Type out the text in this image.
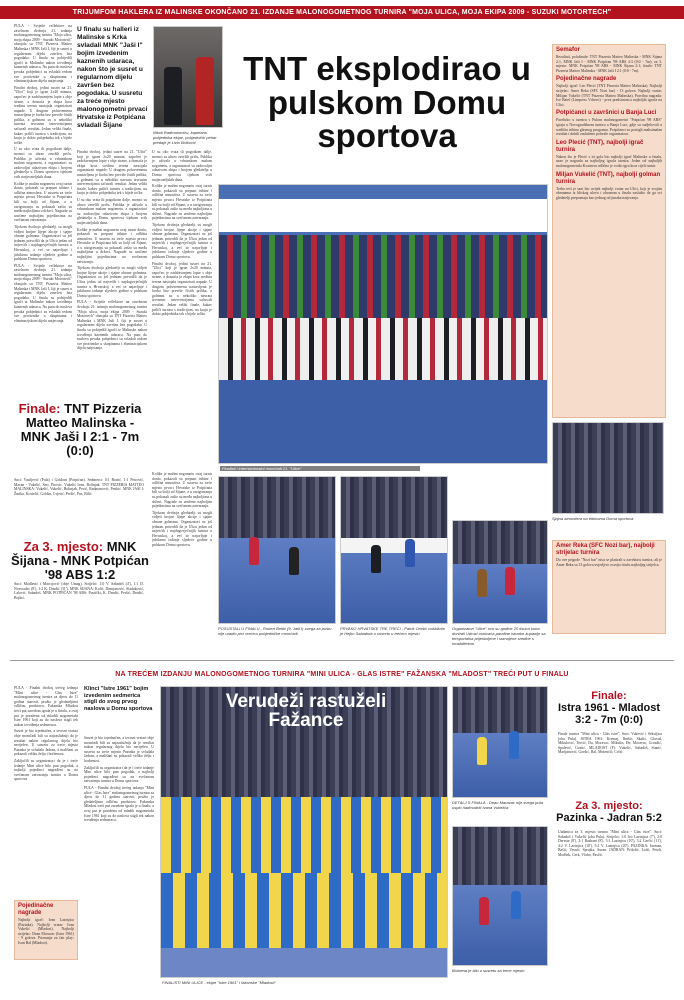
TRIJUMFOM HAKLERA IZ MALINSKE OKONČANO 21. IZDANJE MALONOGOMETNOG TURNIRA "MOJA ULICA, MOJA EKIPA 2009 - SUZUKI MOTORTECH"

PULA - Svijetle reflektore na završnom dvoboju 21. izdanja malonogometnog turnira "Moja ulica, moja ekipa 2009 - Suzuki Motortech" obasjala su TNT Pizzeria Matteo Malinska i MNK Jaši I, čiji je susret u regularnom dijelu završen bez pogodaka. U finalu su pobijedili igrači iz Malinske nakon izvođenja kaznenih udaraca. Na putu do naslova prvaka pobjednici su svladali redom sve protivnike u skupinama i eliminacijskom dijelu natjecanja.

Finalni dvoboj, jedini susret na 21. "Ulici" koji je igran 2x20 minuta, započeo je zadržavanjem lopte s obje strane, a domaća je ekipa kroz sredinu terena nastojala organizirati napade. U drugom poluvremenu nastavljena je borba bez previše čistih prilika, a golmani su u nekoliko navrata izvrsnim intervencijama sačuvali rezultat. Jedan veliki finale, kakav priliči turniru s tradicijom, na kraju je dobio pobjednika tek s bijele točke.

U su oko vrata ili pogotkom dalje, momci su ubrzo završili priču. Publika je uživala u vrhunskom malom nogometu, a organizatori su zadovoljni odazivom ekipa i brojem gledatelja u Domu sportova tijekom svih natjecateljskih dana.

Kolike je malim nogometu ovaj turnir donio, pokazali su prepuni tribine i odlična atmosfera. U susretu za treće mjesto prvaci Hrvatske iz Potpićana bili su bolji od Šijane, a u razigravanju su pokazali zašto su među najboljima u državi. Nagrade su uručene najboljim pojedincima na svečanom zatvaranju.

Tijekom dvoboja gledatelji su mogli vidjeti brojne lijepe akcije i sjajne obrane golmana. Organizatori su još jednom potvrdili da je Ulica jedan od najvećih i najdugovječnijih turnira u Hrvatskoj, a već se najavljuje i jubilarno izdanje sljedeće godine u pulskom Domu sportova.

PULA - Svijetle reflektore na završnom dvoboju 21. izdanja malonogometnog turnira "Moja ulica, moja ekipa 2009 - Suzuki Motortech" obasjala su TNT Pizzeria Matteo Malinska i MNK Jaši I, čiji je susret u regularnom dijelu završen bez pogodaka. U finalu su pobijedili igrači iz Malinske nakon izvođenja kaznenih udaraca. Na putu do naslova prvaka pobjednici su svladali redom sve protivnike u skupinama i eliminacijskom dijelu natjecanja.

U finalu su halleri iz Malinske s Krka svladali MNK "Jaši I" bojim izvedenim kaznenih udaraca, nakon što je susret u regularnom dijelu završen bez pogodaka. U susretu za treće mjesto malonogometni prvaci Hrvatske iz Potpićana svladali Šijane
Nikoli Radmanoviću, kapetanu pobjednika ekipe, pobjednički pehar predaje je Livio Bolković
TNT eksplodirao u pulskom Domu sportova

Finalni dvoboj, jedini susret na 21. "Ulici" koji je igran 2x20 minuta, započeo je zadržavanjem lopte s obje strane, a domaća je ekipa kroz sredinu terena nastojala organizirati napade. U drugom poluvremenu nastavljena je borba bez previše čistih prilika, a golmani su u nekoliko navrata izvrsnim intervencijama sačuvali rezultat. Jedan veliki finale, kakav priliči turniru s tradicijom, na kraju je dobio pobjednika tek s bijele točke.

U su oko vrata ili pogotkom dalje, momci su ubrzo završili priču. Publika je uživala u vrhunskom malom nogometu, a organizatori su zadovoljni odazivom ekipa i brojem gledatelja u Domu sportova tijekom svih natjecateljskih dana.

Kolike je malim nogometu ovaj turnir donio, pokazali su prepuni tribine i odlična atmosfera. U susretu za treće mjesto prvaci Hrvatske iz Potpićana bili su bolji od Šijane, a u razigravanju su pokazali zašto su među najboljima u državi. Nagrade su uručene najboljim pojedincima na svečanom zatvaranju.

Tijekom dvoboja gledatelji su mogli vidjeti brojne lijepe akcije i sjajne obrane golmana. Organizatori su još jednom potvrdili da je Ulica jedan od najvećih i najdugovječnijih turnira u Hrvatskoj, a već se najavljuje i jubilarno izdanje sljedeće godine u pulskom Domu sportova.

PULA - Svijetle reflektore na završnom dvoboju 21. izdanja malonogometnog turnira "Moja ulica, moja ekipa 2009 - Suzuki Motortech" obasjala su TNT Pizzeria Matteo Malinska i MNK Jaši I, čiji je susret u regularnom dijelu završen bez pogodaka. U finalu su pobijedili igrači iz Malinske nakon izvođenja kaznenih udaraca. Na putu do naslova prvaka pobjednici su svladali redom sve protivnike u skupinama i eliminacijskom dijelu natjecanja.

U su oko vrata ili pogotkom dalje, momci su ubrzo završili priču. Publika je uživala u vrhunskom malom nogometu, a organizatori su zadovoljni odazivom ekipa i brojem gledatelja u Domu sportova tijekom svih natjecateljskih dana.

Kolike je malim nogometu ovaj turnir donio, pokazali su prepuni tribine i odlična atmosfera. U susretu za treće mjesto prvaci Hrvatske iz Potpićana bili su bolji od Šijane, a u razigravanju su pokazali zašto su među najboljima u državi. Nagrade su uručene najboljim pojedincima na svečanom zatvaranju.

Tijekom dvoboja gledatelji su mogli vidjeti brojne lijepe akcije i sjajne obrane golmana. Organizatori su još jednom potvrdili da je Ulica jedan od najvećih i najdugovječnijih turnira u Hrvatskoj, a već se najavljuje i jubilarno izdanje sljedeće godine u pulskom Domu sportova.

Finalni dvoboj, jedini susret na 21. "Ulici" koji je igran 2x20 minuta, započeo je zadržavanjem lopte s obje strane, a domaća je ekipa kroz sredinu terena nastojala organizirati napade. U drugom poluvremenu nastavljena je borba bez previše čistih prilika, a golmani su u nekoliko navrata izvrsnim intervencijama sačuvali rezultat. Jedan veliki finale, kakav priliči turniru s tradicijom, na kraju je dobio pobjednika tek s bijele točke.

Finalisti i internacionalni momčadi 21. "Ulice"
Sjajna atmosfera na tribinama Doma sportova
Finale: TNT Pizzeria Matteo Malinska - MNK Jaši I 2:1 - 7m (0:0)
Suci: Vasiljević (Pula) i Goldoni (Potpićan). Sedmerci: 0:1 Bratić, 1:1 Petrović, Macan - Vukelić, Šeri, Pirovic. Vukelić Ivan, Bolinjak. TNT PIZZERIA MATTEO MALINSKA: Vukelić, Vukelić, Bolinjak, Pecić, Radmanović, Penkić. MNK JAŠI I: Žmika, Kostelić, Goldin, Cvjetić, Peršić, Pus, Bilić.
Za 3. mjesto: MNK Šijana - MNK Potpićan '98 ABS 1:2
Suci: Madlavić i Marcijović (obje Umag). Strijelci: 1:0 V. Sabadoš (4'), 1:1 D. Novosalec (8'), 1:2 K. Drndić (31'). MNK ŠIJANA: Kolić, Damjanović, Sladaković, Lalović, Sabadoš. MNK POTPIĆAN '98 ABS: Pustički, K. Drndić, Peršić, Drndić, Bojkić.

Kolike je malim nogometu ovaj turnir donio, pokazali su prepuni tribine i odlična atmosfera. U susretu za treće mjesto prvaci Hrvatske iz Potpićana bili su bolji od Šijane, a u razigravanju su pokazali zašto su među najboljima u državi. Nagrade su uručene najboljim pojedincima na svečanom zatvaranju.

Tijekom dvoboja gledatelji su mogli vidjeti brojne lijepe akcije i sjajne obrane golmana. Organizatori su još jednom potvrdili da je Ulica jedan od najvećih i najdugovječnijih turnira u Hrvatskoj, a već se najavljuje i jubilarno izdanje sljedeće godine u pulskom Domu sportova.

POSUSTALI U FINALU - Robert Beltić (9, Jaši I) svega za puštu nije uradio prvi vrećicu pobjedničke momčadi
PRVAKO HRVATSKE TRE TREĆI - Patrik Orošić naškiknio je Hejko Sabadoia u susretu u trećem mjestu
Organizatori "Ulice" ovo su godine 20 tisuća kuna donirali Udruzi osnivača parafine istrarke županije sa teroportalna prijestoljene i raznojene sredine s invaliditetom
Semafor
Rezultati, polufinale: TNT Pizzeria Matteo Malinska - MNK Šijana 2:1, MNK Jaši I - MNK Potpićan '98 ABS 4:3 (0:0 - 7m); za 3. mjesto: MNK Potpićan '98 ABS - MNK Šijana 2:1; finale: TNT Pizzeria Matteo Malinska - MNK Jaši I 2:1 (0:0 - 7m).
Pojedinačne nagrade
Najbolji igrač: Leo Plecić (TNT Pizzeria Matteo Malinska). Najbolji strijelac: Amer Reka (SFC Nozi bar) - 13 golova. Najbolji vratar: Milijan Vukelić (TNT Pizzeria Matteo Malinska). Pravilna nagrada: Ive Batel (Limpress Vrhovo) - prva predstavnica najboljih igrača na Ulici.
Potpićanci u završnici u Banja Luci
Pacelirko u turniru s Pulom malonogometni "Potpićan '98 ABS" igraju u Novogradišnom turniru u Banja Luci, gdje su sudjelovali u središtu tribina glavnog programa. Potpićanci su postigli maksimalan rezultat i dobili zasluženo pohvale organizatora.
Leo Plecić (TNT), najbolji igrač turnira
Nakon što je Plecić s tri gola bio najbolji igrač Malinske u finalu, uzeo je nagradu za najboljeg igrača turnira. Jedan od najboljih malonogometaša Kvarnera odlično je vodio igru kroz cijeli turnir.
Miljan Vukelić (TNT), najbolji golman turnira
Treba reći je tani bio uvijek najbolji vratar na Ulici, koji je svojim obranama iz bliskog ulova i obranom u finalu zaslužio da ga svi gledatelji prepoznaju kao jednog od junaka natjecanja.
Amer Reka (SFC Nozi bar), najbolji strijelac turnira
Do ove prigode "Nozi bar" nisu se plasirali u završnicu turnira, ali je Amer Reka sa 13 golova uvjerljivo osvojio titulu najboljeg strijelca.
NA TREĆEM IZDANJU MALONOGOMETNOG TURNIRA "MINI ULICA - GLAS ISTRE" FAŽANSKA "MLADOST" TREĆI PUT U FINALU

PULA - Finalni dvoboj trećeg izdanja "Mini ulice - Glas Istre" malonogometnog turnira za djecu do 11 godina starosti, pružio je gledateljima odličnu predstavu. Fažanska Mladost treći put zaredom igrala je u finalu, a ovaj put je poražena od mladih nogometaša Istre 1961 koji su do naslova stigli tek nakon izvođenja sedmeraca.

Susret je bio izjednačen, a izvrsni vratari obje momčadi bili su najzaslužniji da je rezultat nakon regularnog dijela bio neriješen. U susretu za treće mjesto Pazinka je svladala Jadran, a mališani su pokazali veliku želju i borbenost.

Zaključili su organizatori da je i treće izdanje Mini ulice bilo pun pogodak, a najbolji pojedinci nagrađeni su na svečanom zatvaranju turnira u Domu sportova.

Klinci "Istre 1961" bojim izvedenim sedmerica stigli do svog prvog naslova u Domu sportova

Susret je bio izjednačen, a izvrsni vratari obje momčadi bili su najzaslužniji da je rezultat nakon regularnog dijela bio neriješen. U susretu za treće mjesto Pazinka je svladala Jadran, a mališani su pokazali veliku želju i borbenost.

Zaključili su organizatori da je i treće izdanje Mini ulice bilo pun pogodak, a najbolji pojedinci nagrađeni su na svečanom zatvaranju turnira u Domu sportova.

PULA - Finalni dvoboj trećeg izdanja "Mini ulice - Glas Istre" malonogometnog turnira za djecu do 11 godina starosti, pružio je gledateljima odličnu predstavu. Fažanska Mladost treći put zaredom igrala je u finalu, a ovaj put je poražena od mladih nogometaša Istre 1961 koji su do naslova stigli tek nakon izvođenja sedmeraca.

Pojedinačne nagrade
Najbolji igrač: Ivan Lazinjica (Pazinka). Najbolji vratar: Ivan Vukelić (Mladost). Najbolji strijelac: Dean Moravac (Istra 1961) - 9 golova. Priznanje za fair play: Ivan Bal (Mladost).
Verudeži rastuželi Fažance
FINALISTI MINI ULICE - ekipe "Istre 1961" i fažanske "Mladosti"
DETALJ S FINALA - Dean Maravac nije svega puta uspio nadmudriti Ivana Vukelića
Borbena je bilo u susretu za treće mjesto
Finale:
Istra 1961 - Mladost 3:2 - 7m (0:0)
Finale turnira "Mini ulica - Glas istre". Suci: Vukević i Šekuljica (oba Pula). ISTRA 1961: Kremaj, Ibrišić, Skalić, Glavaš, Mikulović, Tercić, Da, Moravac, Mikulin, Đe, Moravac, Grozdić, Spalević, Gostić. MLADOST (F): Vukelić, Sabadoš, Stanić, Marijanović, Gordić, Bal, Motenćić, Celić.
Za 3. mjesto:
Pazinka - Jadran 5:2
Utakmica za 3. mjesto turnira "Mini ulica - Glas istre". Suci: Sabadoš i Vukelić (oba Pula). Strijelci: 1:0 Ivo Lazinjica (7'), 2:0 Dereste (8'), 2:1 Rashani (8'), 3:1 Lazinjica (10'), 3:2 Carčić (11'), 4:2 V. Lazinjica (18'), 5:2 V. Lazinjica (20'). PAZINKA: Jurman, Bašić, Vesnić, Šprajka, Suran. JADRAN: Prišelić, Lalić, Peteli, Modšek, Cerk, Vlaho, Pasčić.
